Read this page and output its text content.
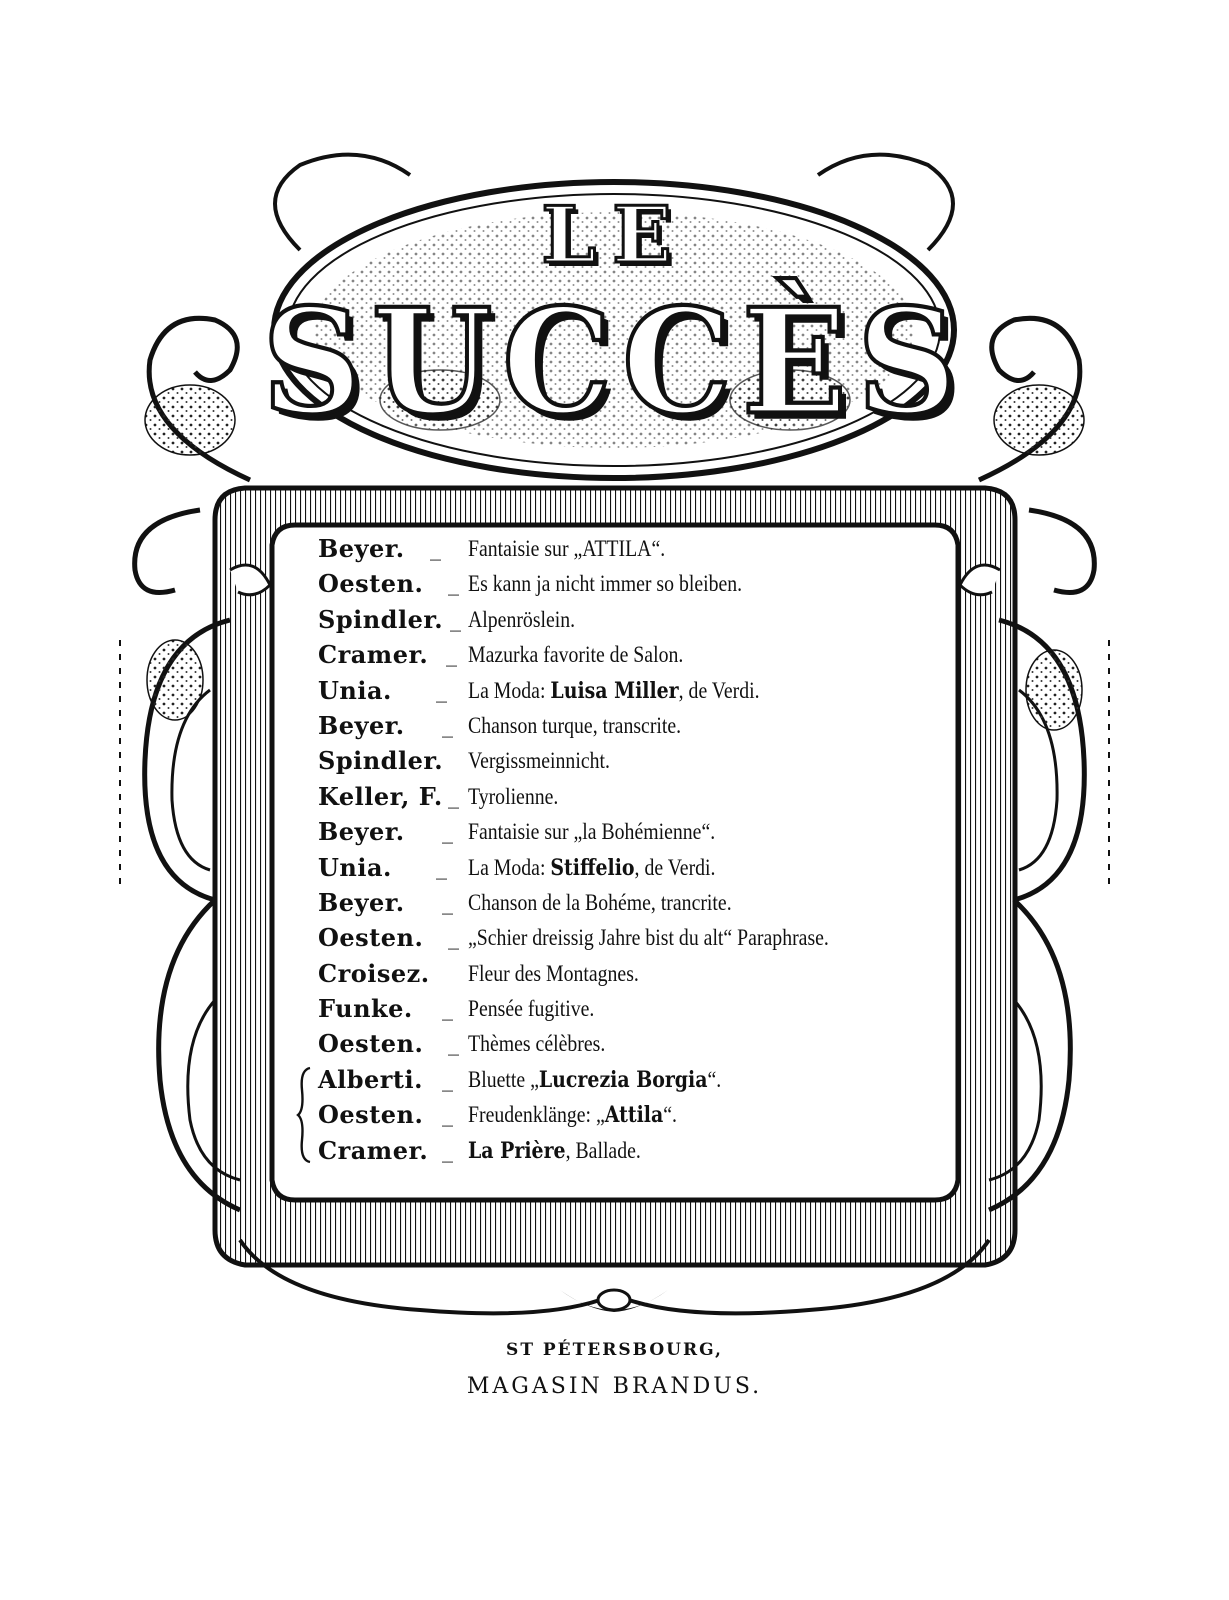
LE
SUCCÈS
Beyer. _ Fantaisie sur „ATTILA“.
Oesten. _ Es kann ja nicht immer so bleiben.
Spindler. _ Alpenröslein.
Cramer. _ Mazurka favorite de Salon.
Unia. _ La Moda: Luisa Miller, de Verdi.
Beyer. _ Chanson turque, transcrite.
Spindler. Vergissmeinnicht.
Keller, F. _ Tyrolienne.
Beyer. _ Fantaisie sur „la Bohémienne“.
Unia. _ La Moda: Stiffelio, de Verdi.
Beyer. _ Chanson de la Bohéme, trancrite.
Oesten. _ „Schier dreissig Jahre bist du alt“ Paraphrase.
Croisez. Fleur des Montagnes.
Funke. _ Pensée fugitive.
Oesten. _ Thèmes célèbres.
Alberti. _ Bluette „Lucrezia Borgia“.
Oesten. _ Freudenklänge: „Attila“.
Cramer. _ La Prière, Ballade.
ST PÉTERSBOURG,
MAGASIN BRANDUS.
